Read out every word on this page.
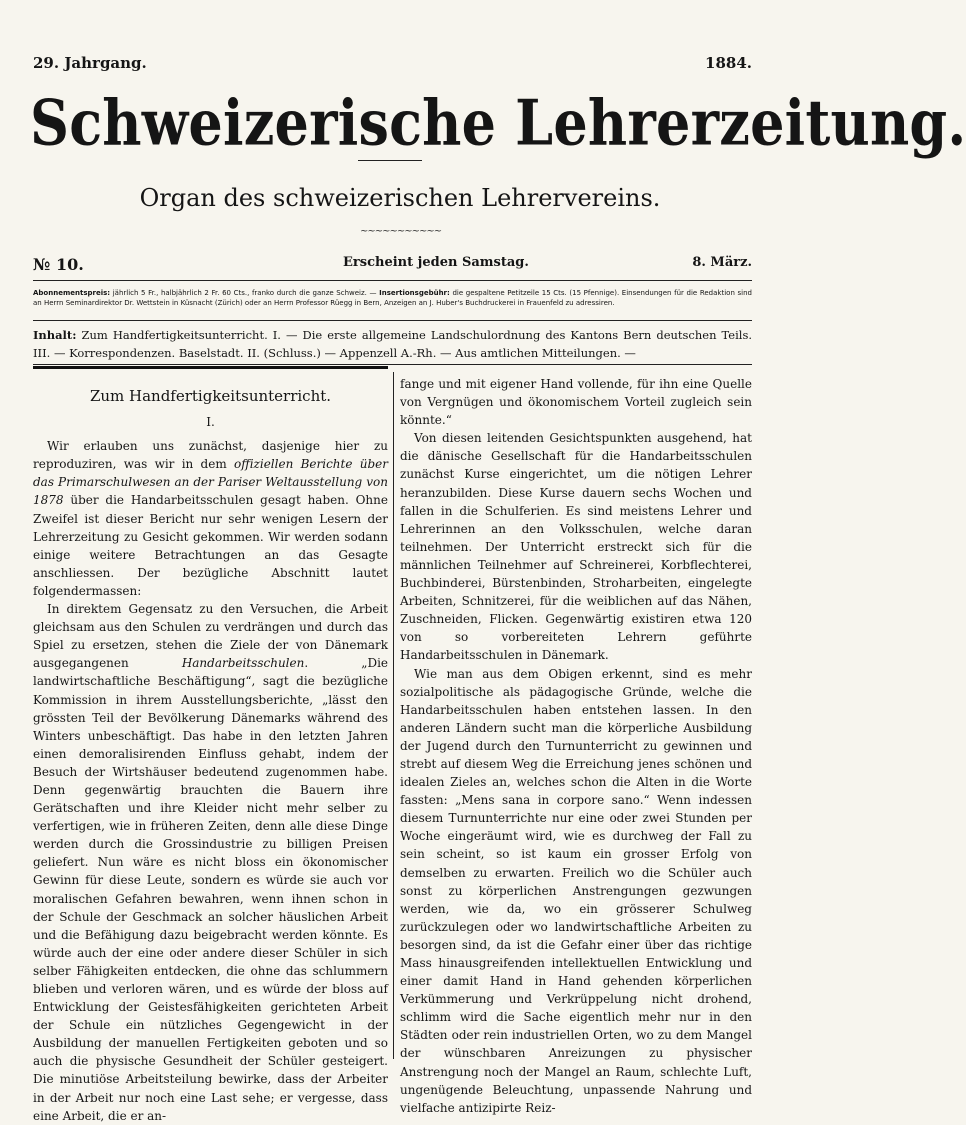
29. Jahrgang.	1884.
Schweizerische Lehrerzeitung.
Organ des schweizerischen Lehrervereins.
~~~~~~~~~~~
№ 10.	Erscheint jeden Samstag.	8. März.
Abonnementspreis: jährlich 5 Fr., halbjährlich 2 Fr. 60 Cts., franko durch die ganze Schweiz. — Insertionsgebühr: die gespaltene Petitzeile 15 Cts. (15 Pfennige). Einsendungen für die Redaktion sind an Herrn Seminardirektor Dr. Wettstein in Küsnacht (Zürich) oder an Herrn Professor Rüegg in Bern, Anzeigen an J. Huber's Buchdruckerei in Frauenfeld zu adressiren.
Inhalt: Zum Handfertigkeitsunterricht. I. — Die erste allgemeine Landschulordnung des Kantons Bern deutschen Teils. III. — Korrespondenzen. Baselstadt. II. (Schluss.) — Appenzell A.-Rh. — Aus amtlichen Mitteilungen. —
Zum Handfertigkeitsunterricht.
I.

Wir erlauben uns zunächst, dasjenige hier zu reproduziren, was wir in dem offiziellen Berichte über das Primarschulwesen an der Pariser Weltausstellung von 1878 über die Handarbeitsschulen gesagt haben. Ohne Zweifel ist dieser Bericht nur sehr wenigen Lesern der Lehrerzeitung zu Gesicht gekommen. Wir werden sodann einige weitere Betrachtungen an das Gesagte anschliessen. Der bezügliche Abschnitt lautet folgendermassen:

In direktem Gegensatz zu den Versuchen, die Arbeit gleichsam aus den Schulen zu verdrängen und durch das Spiel zu ersetzen, stehen die Ziele der von Dänemark ausgegangenen Handarbeitsschulen. „Die landwirtschaftliche Beschäftigung“, sagt die bezügliche Kommission in ihrem Ausstellungsberichte, „lässt den grössten Teil der Bevölkerung Dänemarks während des Winters unbeschäftigt. Das habe in den letzten Jahren einen demoralisirenden Einfluss gehabt, indem der Besuch der Wirtshäuser bedeutend zugenommen habe. Denn gegenwärtig brauchten die Bauern ihre Gerätschaften und ihre Kleider nicht mehr selber zu verfertigen, wie in früheren Zeiten, denn alle diese Dinge werden durch die Grossindustrie zu billigen Preisen geliefert. Nun wäre es nicht bloss ein ökonomischer Gewinn für diese Leute, sondern es würde sie auch vor moralischen Gefahren bewahren, wenn ihnen schon in der Schule der Geschmack an solcher häuslichen Arbeit und die Befähigung dazu beigebracht werden könnte. Es würde auch der eine oder andere dieser Schüler in sich selber Fähigkeiten entdecken, die ohne das schlummern blieben und verloren wären, und es würde der bloss auf Entwicklung der Geistesfähigkeiten gerichteten Arbeit der Schule ein nützliches Gegengewicht in der Ausbildung der manuellen Fertigkeiten geboten und so auch die physische Gesundheit der Schüler gesteigert. Die minutiöse Arbeitsteilung bewirke, dass der Arbeiter in der Arbeit nur noch eine Last sehe; er vergesse, dass eine Arbeit, die er an-

fange und mit eigener Hand vollende, für ihn eine Quelle von Vergnügen und ökonomischem Vorteil zugleich sein könnte.“

Von diesen leitenden Gesichtspunkten ausgehend, hat die dänische Gesellschaft für die Handarbeitsschulen zunächst Kurse eingerichtet, um die nötigen Lehrer heranzubilden. Diese Kurse dauern sechs Wochen und fallen in die Schulferien. Es sind meistens Lehrer und Lehrerinnen an den Volksschulen, welche daran teilnehmen. Der Unterricht erstreckt sich für die männlichen Teilnehmer auf Schreinerei, Korbflechterei, Buchbinderei, Bürstenbinden, Stroharbeiten, eingelegte Arbeiten, Schnitzerei, für die weiblichen auf das Nähen, Zuschneiden, Flicken. Gegenwärtig existiren etwa 120 von so vorbereiteten Lehrern geführte Handarbeitsschulen in Dänemark.

Wie man aus dem Obigen erkennt, sind es mehr sozialpolitische als pädagogische Gründe, welche die Handarbeitsschulen haben entstehen lassen. In den anderen Ländern sucht man die körperliche Ausbildung der Jugend durch den Turnunterricht zu gewinnen und strebt auf diesem Weg die Erreichung jenes schönen und idealen Zieles an, welches schon die Alten in die Worte fassten: „Mens sana in corpore sano.“ Wenn indessen diesem Turnunterrichte nur eine oder zwei Stunden per Woche eingeräumt wird, wie es durchweg der Fall zu sein scheint, so ist kaum ein grosser Erfolg von demselben zu erwarten. Freilich wo die Schüler auch sonst zu körperlichen Anstrengungen gezwungen werden, wie da, wo ein grösserer Schulweg zurückzulegen oder wo landwirtschaftliche Arbeiten zu besorgen sind, da ist die Gefahr einer über das richtige Mass hinausgreifenden intellektuellen Entwicklung und einer damit Hand in Hand gehenden körperlichen Verkümmerung und Verkrüppelung nicht drohend, schlimm wird die Sache eigentlich mehr nur in den Städten oder rein industriellen Orten, wo zu dem Mangel der wünschbaren Anreizungen zu physischer Anstrengung noch der Mangel an Raum, schlechte Luft, ungenügende Beleuchtung, unpassende Nahrung und vielfache antizipirte Reiz-
